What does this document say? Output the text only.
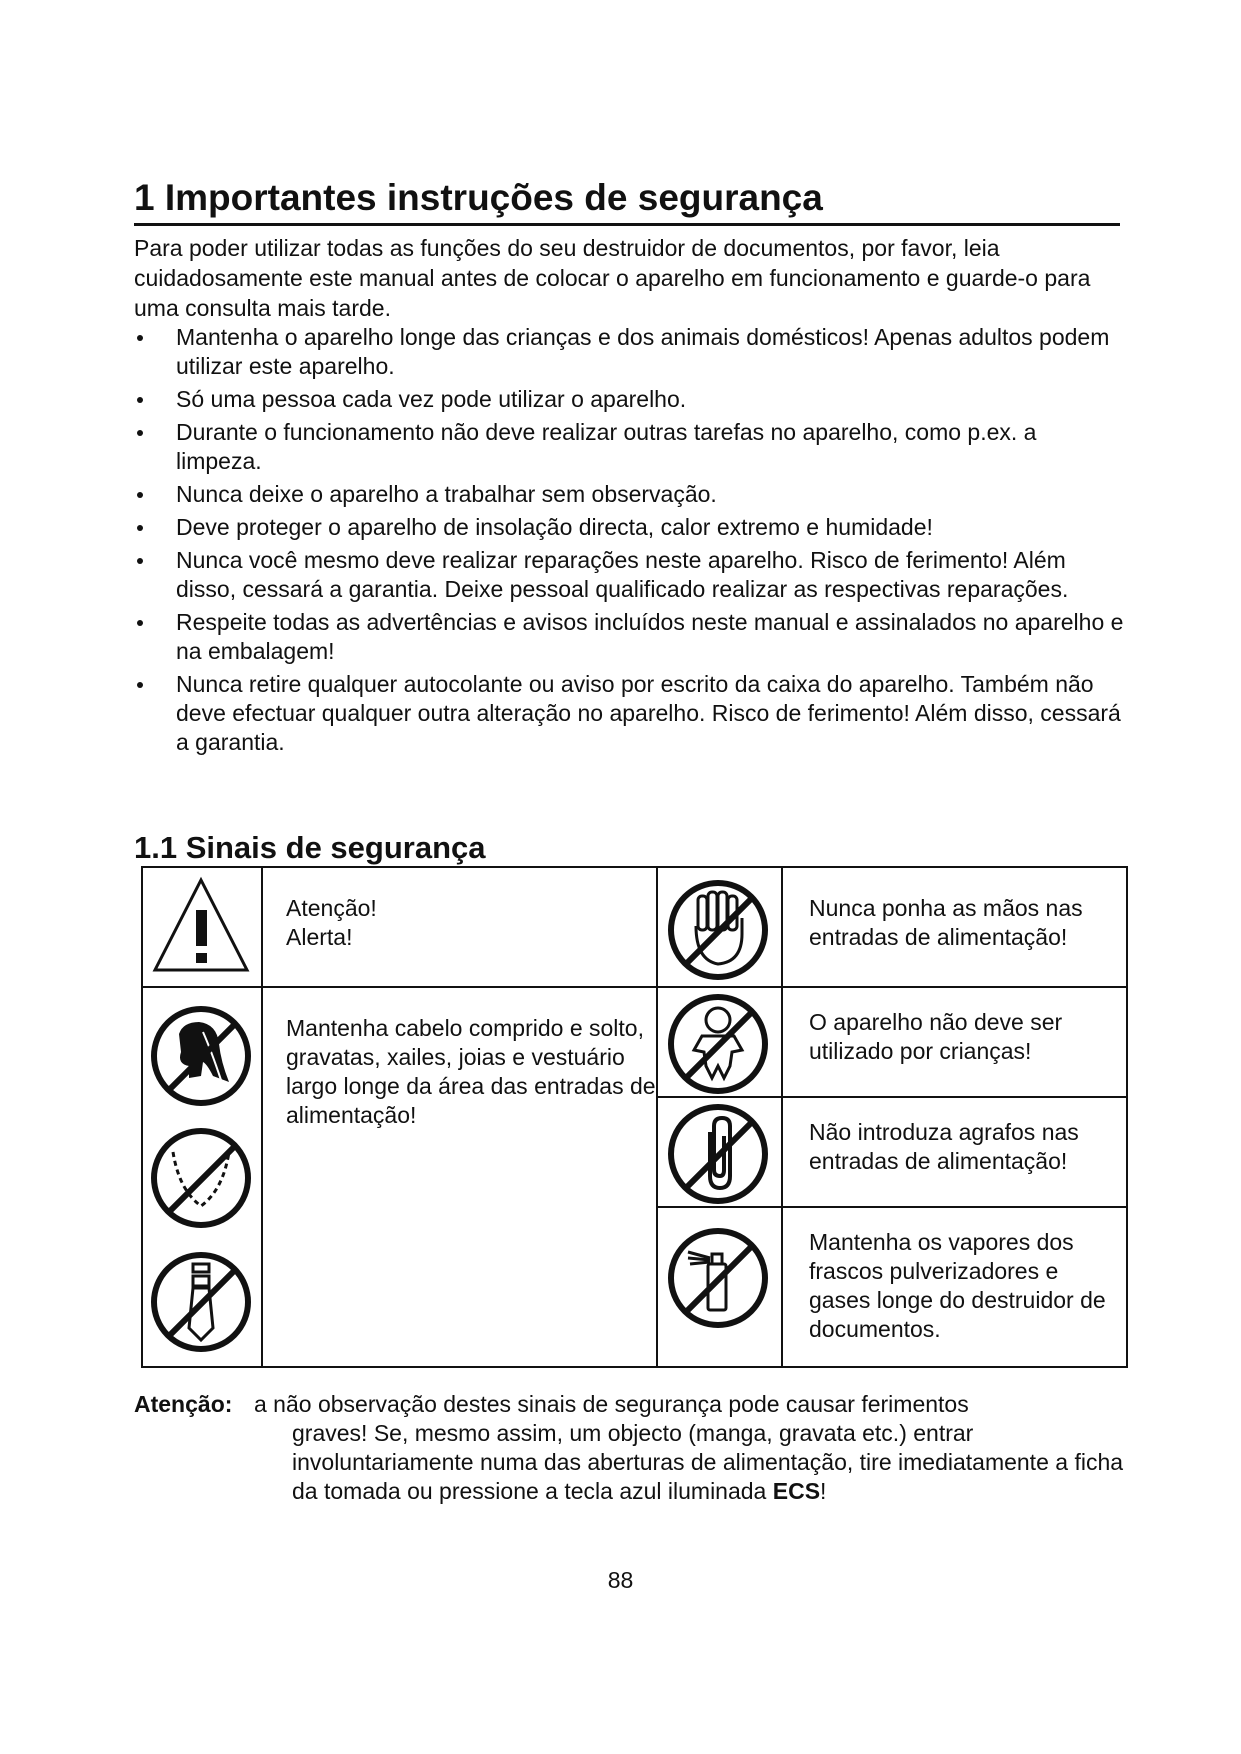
1 Importantes instruções de segurança

Para poder utilizar todas as funções do seu destruidor de documentos, por favor, leia cuidadosamente este manual antes de colocar o aparelho em funcionamento e guarde-o para uma consulta mais tarde.

Mantenha o aparelho longe das crianças e dos animais domésticos! Apenas adultos podem utilizar este aparelho.
Só uma pessoa cada vez pode utilizar o aparelho.
Durante o funcionamento não deve realizar outras tarefas no aparelho, como p.ex. a limpeza.
Nunca deixe o aparelho a trabalhar sem observação.
Deve proteger o aparelho de insolação directa, calor extremo e humidade!
Nunca você mesmo deve realizar reparações neste aparelho. Risco de ferimento! Além disso, cessará a garantia. Deixe pessoal qualificado realizar as respectivas reparações.
Respeite todas as advertências e avisos incluídos neste manual e assinalados no aparelho e na embalagem!
Nunca retire qualquer autocolante ou aviso por escrito da caixa do aparelho. Também não deve efectuar qualquer outra alteração no aparelho. Risco de ferimento! Além disso, cessará a garantia.
1.1 Sinais de segurança
Atenção!
Alerta!
Nunca ponha as mãos nas entradas de alimentação!
Mantenha cabelo comprido e solto, gravatas, xailes, joias e vestuário largo longe da área das entradas de alimentação!
O aparelho não deve ser utilizado por crianças!
Não introduza agrafos nas entradas de alimentação!
Mantenha os vapores dos frascos pulverizadores e gases longe do destruidor de documentos.
Atenção: a não observação destes sinais de segurança pode causar ferimentos
graves! Se, mesmo assim, um objecto (manga, gravata etc.) entrar involuntariamente numa das aberturas de alimentação, tire imediatamente a ficha da tomada ou pressione a tecla azul iluminada ECS!
88
